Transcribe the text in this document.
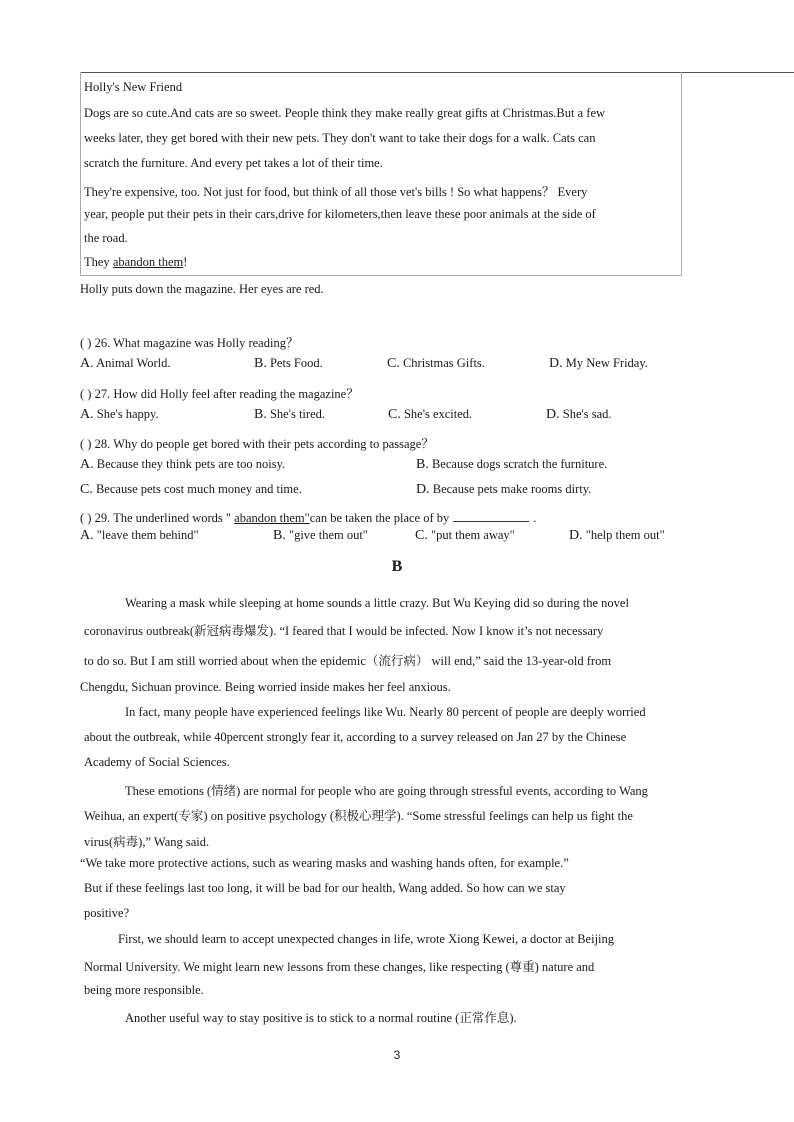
Holly's New Friend
Dogs are so cute.And cats are so sweet. People think they make really great gifts at Christmas.But a few
weeks later, they get bored with their new pets. They don't want to take their dogs for a walk. Cats can
scratch the furniture. And every pet takes a lot of their time.
They're expensive, too. Not just for food, but think of all those vet's bills ! So what happens？ Every
year, people put their pets in their cars,drive for kilometers,then leave these poor animals at the side of
the road.
They abandon them!
Holly puts down the magazine. Her eyes are red.
( ) 26. What magazine was Holly reading？
A. Animal World.	B. Pets Food.	C. Christmas Gifts.	D. My New Friday.
( ) 27. How did Holly feel after reading the magazine？
A. She's happy.	B. She's tired.	C. She's excited.	D. She's sad.
( ) 28. Why do people get bored with their pets according to passage？
A. Because they think pets are too noisy.	B. Because dogs scratch the furniture.
C. Because pets cost much money and time.	D. Because pets make rooms dirty.
( ) 29. The underlined words " abandon them"can be taken the place of by	.
A. "leave them behind"	B. "give them out"	C. "put them away"	D. "help them out"
B
Wearing a mask while sleeping at home sounds a little crazy. But Wu Keying did so during the novel
coronavirus outbreak(新冠病毒爆发). “I feared that I would be infected. Now I know it’s not necessary
to do so. But I am still worried about when the epidemic（流行病） will end,” said the 13-year-old from
Chengdu, Sichuan province. Being worried inside makes her feel anxious.
In fact, many people have experienced feelings like Wu. Nearly 80 percent of people are deeply worried
about the outbreak, while 40percent strongly fear it, according to a survey released on Jan 27 by the Chinese
Academy of Social Sciences.
These emotions (情绪) are normal for people who are going through stressful events, according to Wang
Weihua, an expert(专家) on positive psychology (积极心理学). “Some stressful feelings can help us fight the
virus(病毒),” Wang said.
“We take more protective actions, such as wearing masks and washing hands often, for example.”
But if these feelings last too long, it will be bad for our health, Wang added. So how can we stay
positive?
First, we should learn to accept unexpected changes in life, wrote Xiong Kewei, a doctor at Beijing
Normal University. We might learn new lessons from these changes, like respecting (尊重) nature and
being more responsible.
Another useful way to stay positive is to stick to a normal routine (正常作息).
3
